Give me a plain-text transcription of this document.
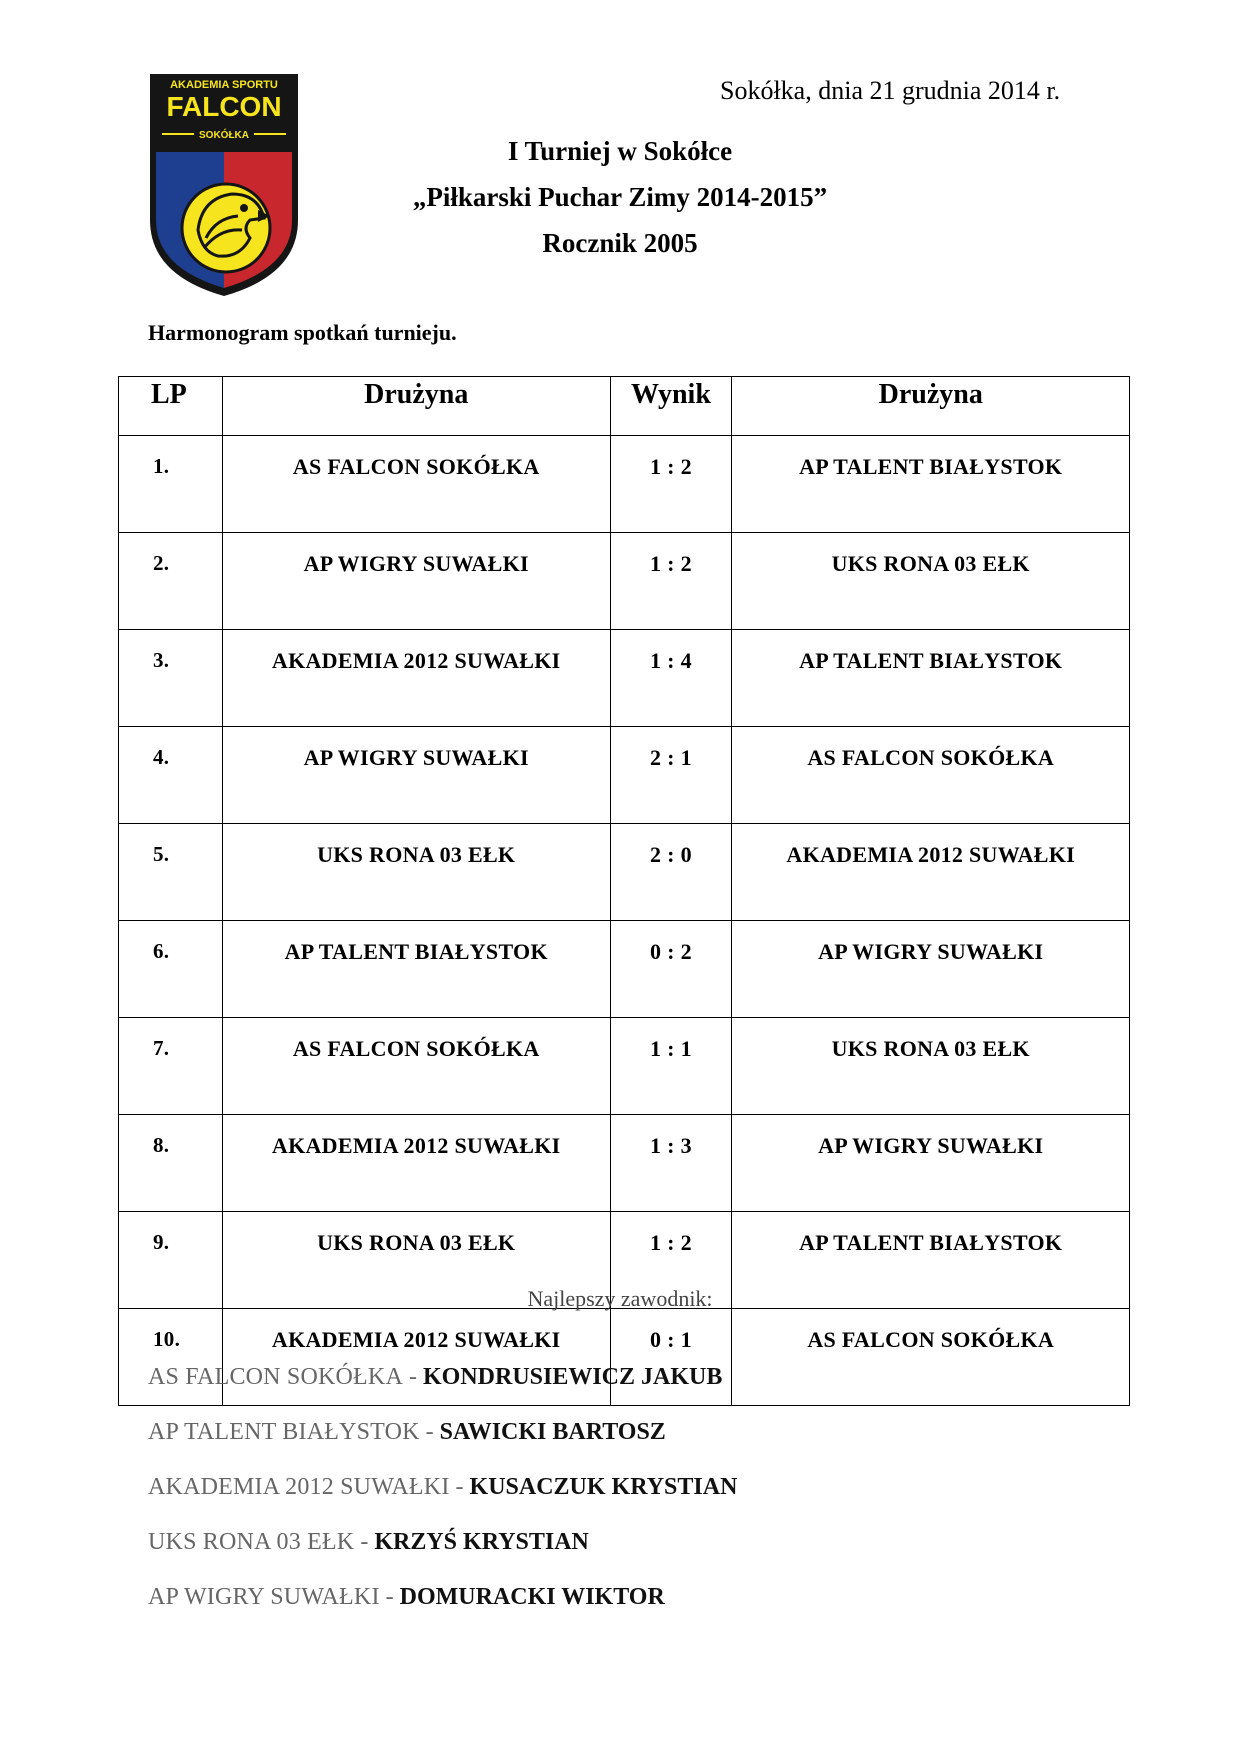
AKADEMIA SPORTU
FALCON
SOKÓŁKA
Sokółka, dnia 21 grudnia 2014 r.
I Turniej w Sokółce
„Piłkarski Puchar Zimy 2014-2015”
Rocznik 2005
Harmonogram spotkań turnieju.
LP	Drużyna	Wynik	Drużyna
1.	AS FALCON SOKÓŁKA	1 : 2	AP TALENT BIAŁYSTOK
2.	AP WIGRY SUWAŁKI	1 : 2	UKS RONA 03 EŁK
3.	AKADEMIA 2012 SUWAŁKI	1 : 4	AP TALENT BIAŁYSTOK
4.	AP WIGRY SUWAŁKI	2 : 1	AS FALCON SOKÓŁKA
5.	UKS RONA 03 EŁK	2 : 0	AKADEMIA 2012 SUWAŁKI
6.	AP TALENT BIAŁYSTOK	0 : 2	AP WIGRY SUWAŁKI
7.	AS FALCON SOKÓŁKA	1 : 1	UKS RONA 03 EŁK
8.	AKADEMIA 2012 SUWAŁKI	1 : 3	AP WIGRY SUWAŁKI
9.	UKS RONA 03 EŁK	1 : 2	AP TALENT BIAŁYSTOK
10.	AKADEMIA 2012 SUWAŁKI	0 : 1	AS FALCON SOKÓŁKA
Najlepszy zawodnik:
AS FALCON SOKÓŁKA - KONDRUSIEWICZ JAKUB
AP TALENT BIAŁYSTOK - SAWICKI BARTOSZ
AKADEMIA 2012 SUWAŁKI - KUSACZUK KRYSTIAN
UKS RONA 03 EŁK - KRZYŚ KRYSTIAN
AP WIGRY SUWAŁKI - DOMURACKI WIKTOR
